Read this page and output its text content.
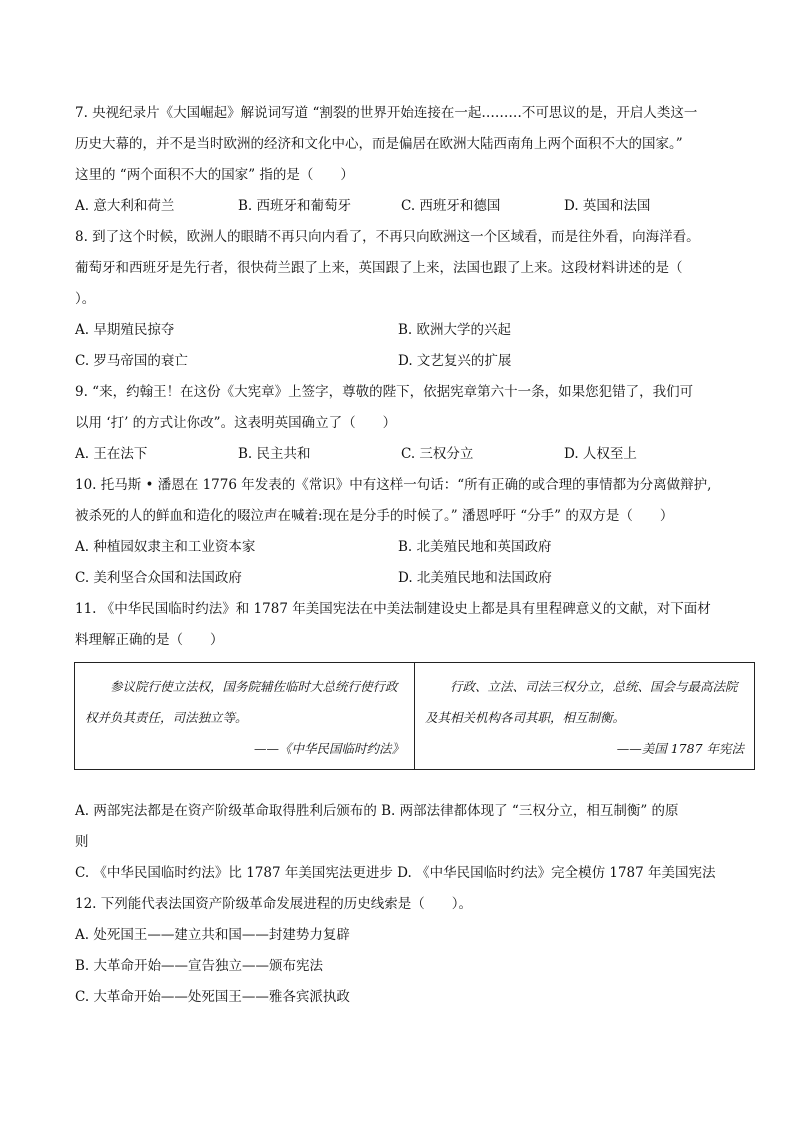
7. 央视纪录片《大国崛起》解说词写道 “割裂的世界开始连接在一起………不可思议的是，开启人类这一
历史大幕的，并不是当时欧洲的经济和文化中心，而是偏居在欧洲大陆西南角上两个面积不大的国家。”
这里的 “两个面积不大的国家” 指的是（　　）
A. 意大利和荷兰	B. 西班牙和葡萄牙	C. 西班牙和德国	D. 英国和法国
8. 到了这个时候，欧洲人的眼睛不再只向内看了，不再只向欧洲这一个区域看，而是往外看，向海洋看。
葡萄牙和西班牙是先行者，很快荷兰跟了上来，英国跟了上来，法国也跟了上来。这段材料讲述的是（
）。
A. 早期殖民掠夺	B. 欧洲大学的兴起
C. 罗马帝国的衰亡	D. 文艺复兴的扩展
9. “来，约翰王！在这份《大宪章》上签字，尊敬的陛下，依据宪章第六十一条，如果您犯错了，我们可
以用 ‘打’ 的方式让你改”。这表明英国确立了（　　）
A. 王在法下	B. 民主共和	C. 三权分立	D. 人权至上
10. 托马斯 • 潘恩在 1776 年发表的《常识》中有这样一句话：“所有正确的或合理的事情都为分离做辩护,
被杀死的人的鲜血和造化的啜泣声在喊着:现在是分手的时候了。” 潘恩呼吁 “分手” 的双方是（　　）
A. 种植园奴隶主和工业资本家	B. 北美殖民地和英国政府
C. 美利坚合众国和法国政府	D. 北美殖民地和法国政府
11. 《中华民国临时约法》和 1787 年美国宪法在中美法制建设史上都是具有里程碑意义的文献，对下面材
料理解正确的是（　　）
参议院行使立法权，国务院辅佐临时大总统行使行政权并负其责任，司法独立等。
——《中华民国临时约法》

行政、立法、司法三权分立，总统、国会与最高法院及其相关机构各司其职，相互制衡。
——美国 1787 年宪法
A. 两部宪法都是在资产阶级革命取得胜利后颁布的 B. 两部法律都体现了 “三权分立，相互制衡” 的原
则
C. 《中华民国临时约法》比 1787 年美国宪法更进步 D. 《中华民国临时约法》完全模仿 1787 年美国宪法
12. 下列能代表法国资产阶级革命发展进程的历史线索是（　　）。
A. 处死国王——建立共和国——封建势力复辟
B. 大革命开始——宣告独立——颁布宪法
C. 大革命开始——处死国王——雅各宾派执政
